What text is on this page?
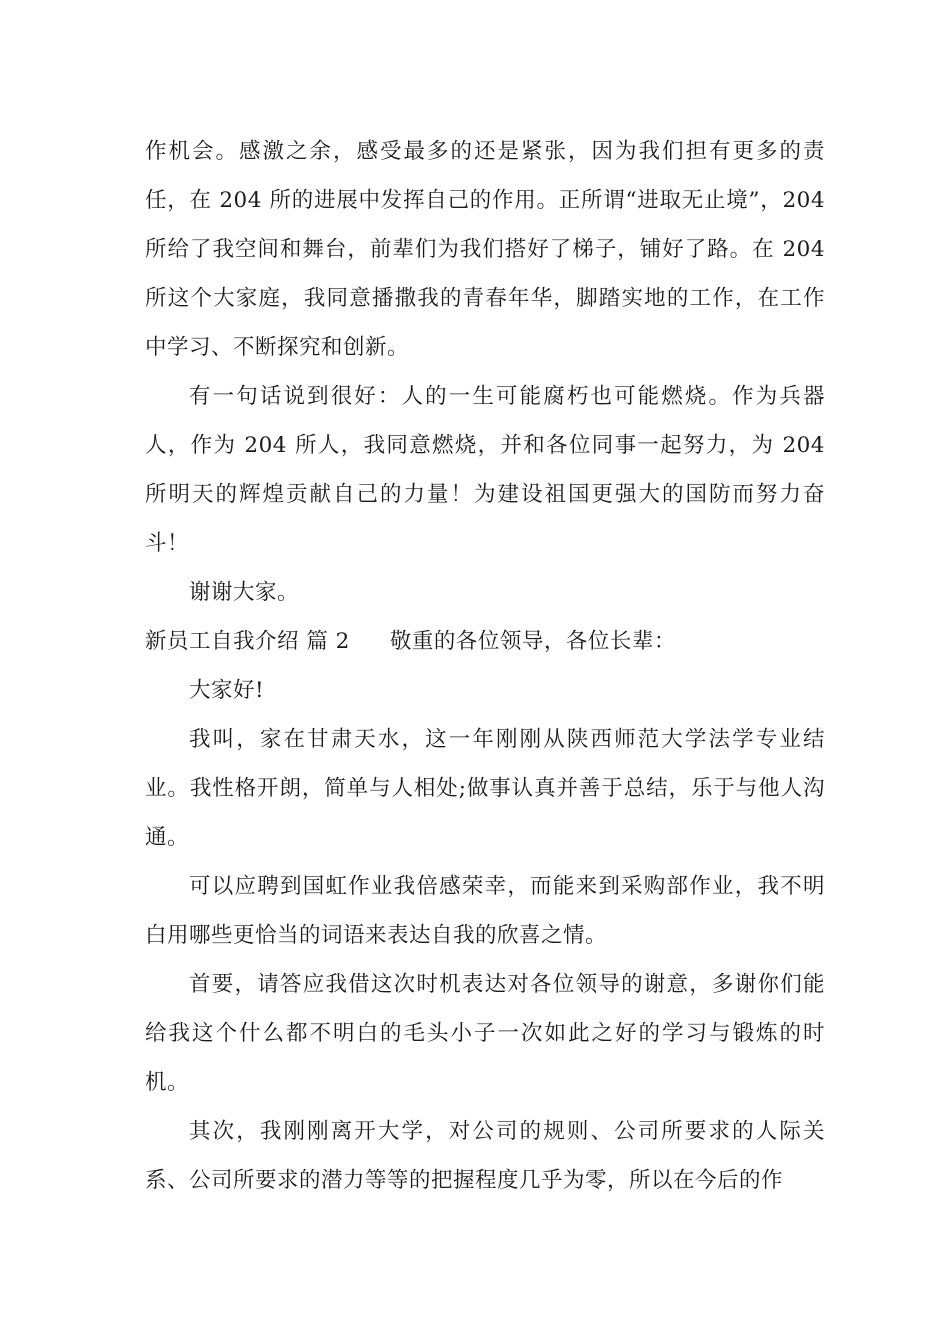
作机会。感激之余，感受最多的还是紧张，因为我们担有更多的责任，在 204 所的进展中发挥自己的作用。正所谓“进取无止境”，204 所给了我空间和舞台，前辈们为我们搭好了梯子，铺好了路。在 204 所这个大家庭，我同意播撒我的青春年华，脚踏实地的工作，在工作中学习、不断探究和创新。

有一句话说到很好：人的一生可能腐朽也可能燃烧。作为兵器人，作为 204 所人，我同意燃烧，并和各位同事一起努力，为 204 所明天的辉煌贡献自己的力量！为建设祖国更强大的国防而努力奋斗！

谢谢大家。

新员工自我介绍 篇 2 敬重的各位领导，各位长辈：

大家好!

我叫，家在甘肃天水，这一年刚刚从陕西师范大学法学专业结业。我性格开朗，简单与人相处;做事认真并善于总结，乐于与他人沟通。

可以应聘到国虹作业我倍感荣幸，而能来到采购部作业，我不明白用哪些更恰当的词语来表达自我的欣喜之情。

首要，请答应我借这次时机表达对各位领导的谢意，多谢你们能给我这个什么都不明白的毛头小子一次如此之好的学习与锻炼的时机。

其次，我刚刚离开大学，对公司的规则、公司所要求的人际关系、公司所要求的潜力等等的把握程度几乎为零，所以在今后的作
